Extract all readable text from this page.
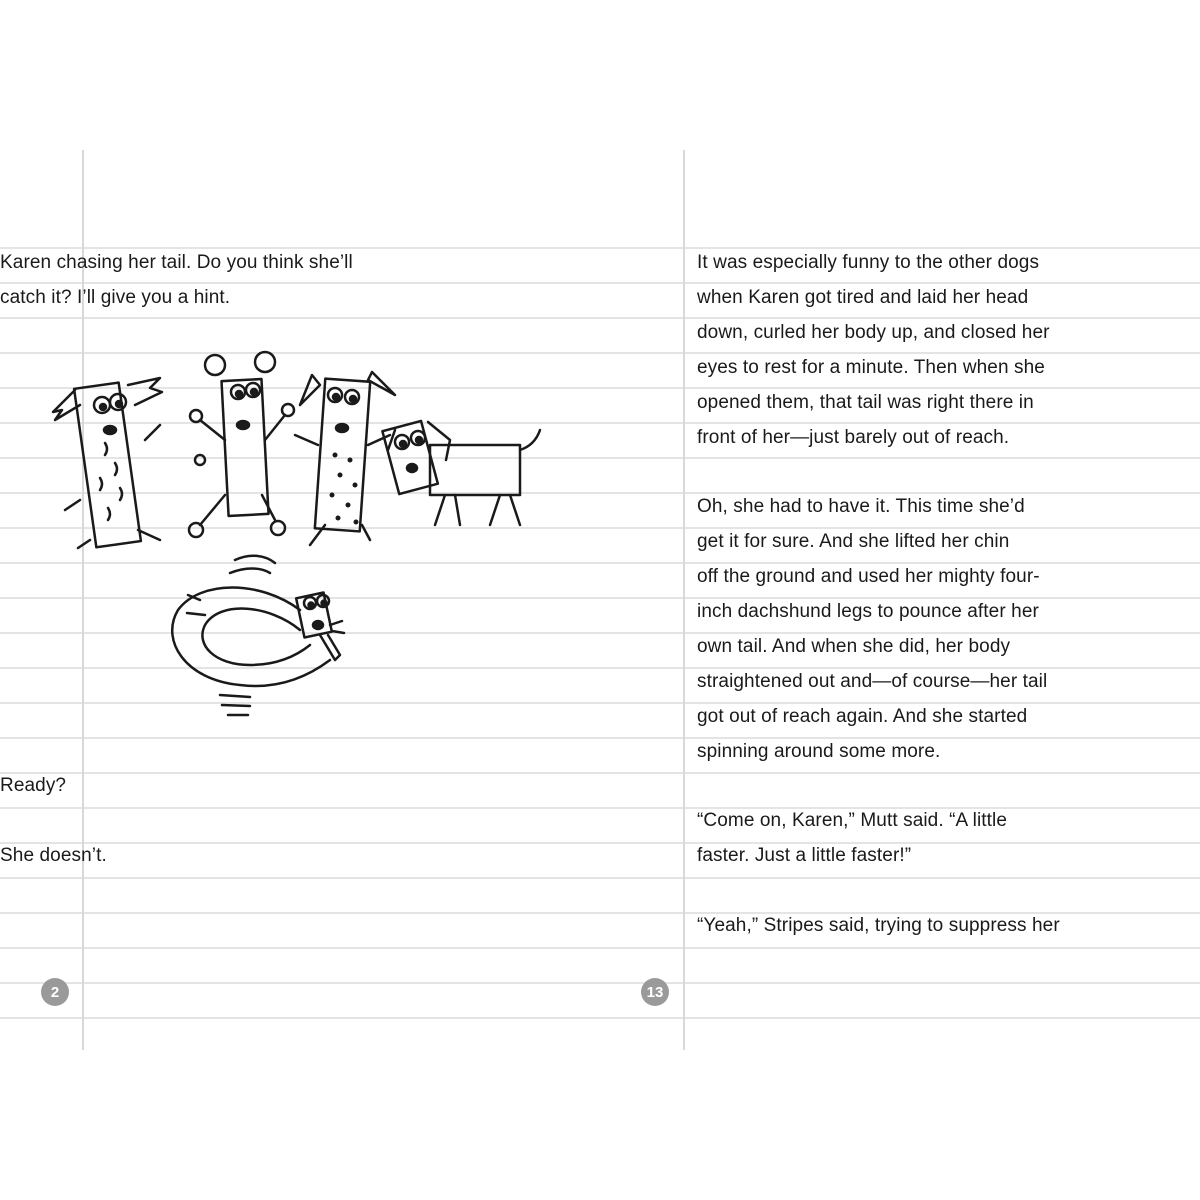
Karen chasing her tail. Do you think she’ll
catch it? I’ll give you a hint.
Ready?
She doesn’t.
It was especially funny to the other dogs
when Karen got tired and laid her head
down, curled her body up, and closed her
eyes to rest for a minute. Then when she
opened them, that tail was right there in
front of her—just barely out of reach.
Oh, she had to have it. This time she’d
get it for sure. And she lifted her chin
off the ground and used her mighty four-
inch dachshund legs to pounce after her
own tail. And when she did, her body
straightened out and—of course—her tail
got out of reach again. And she started
spinning around some more.
“Come on, Karen,” Mutt said. “A little
faster. Just a little faster!”
“Yeah,” Stripes said, trying to suppress her
2	13
